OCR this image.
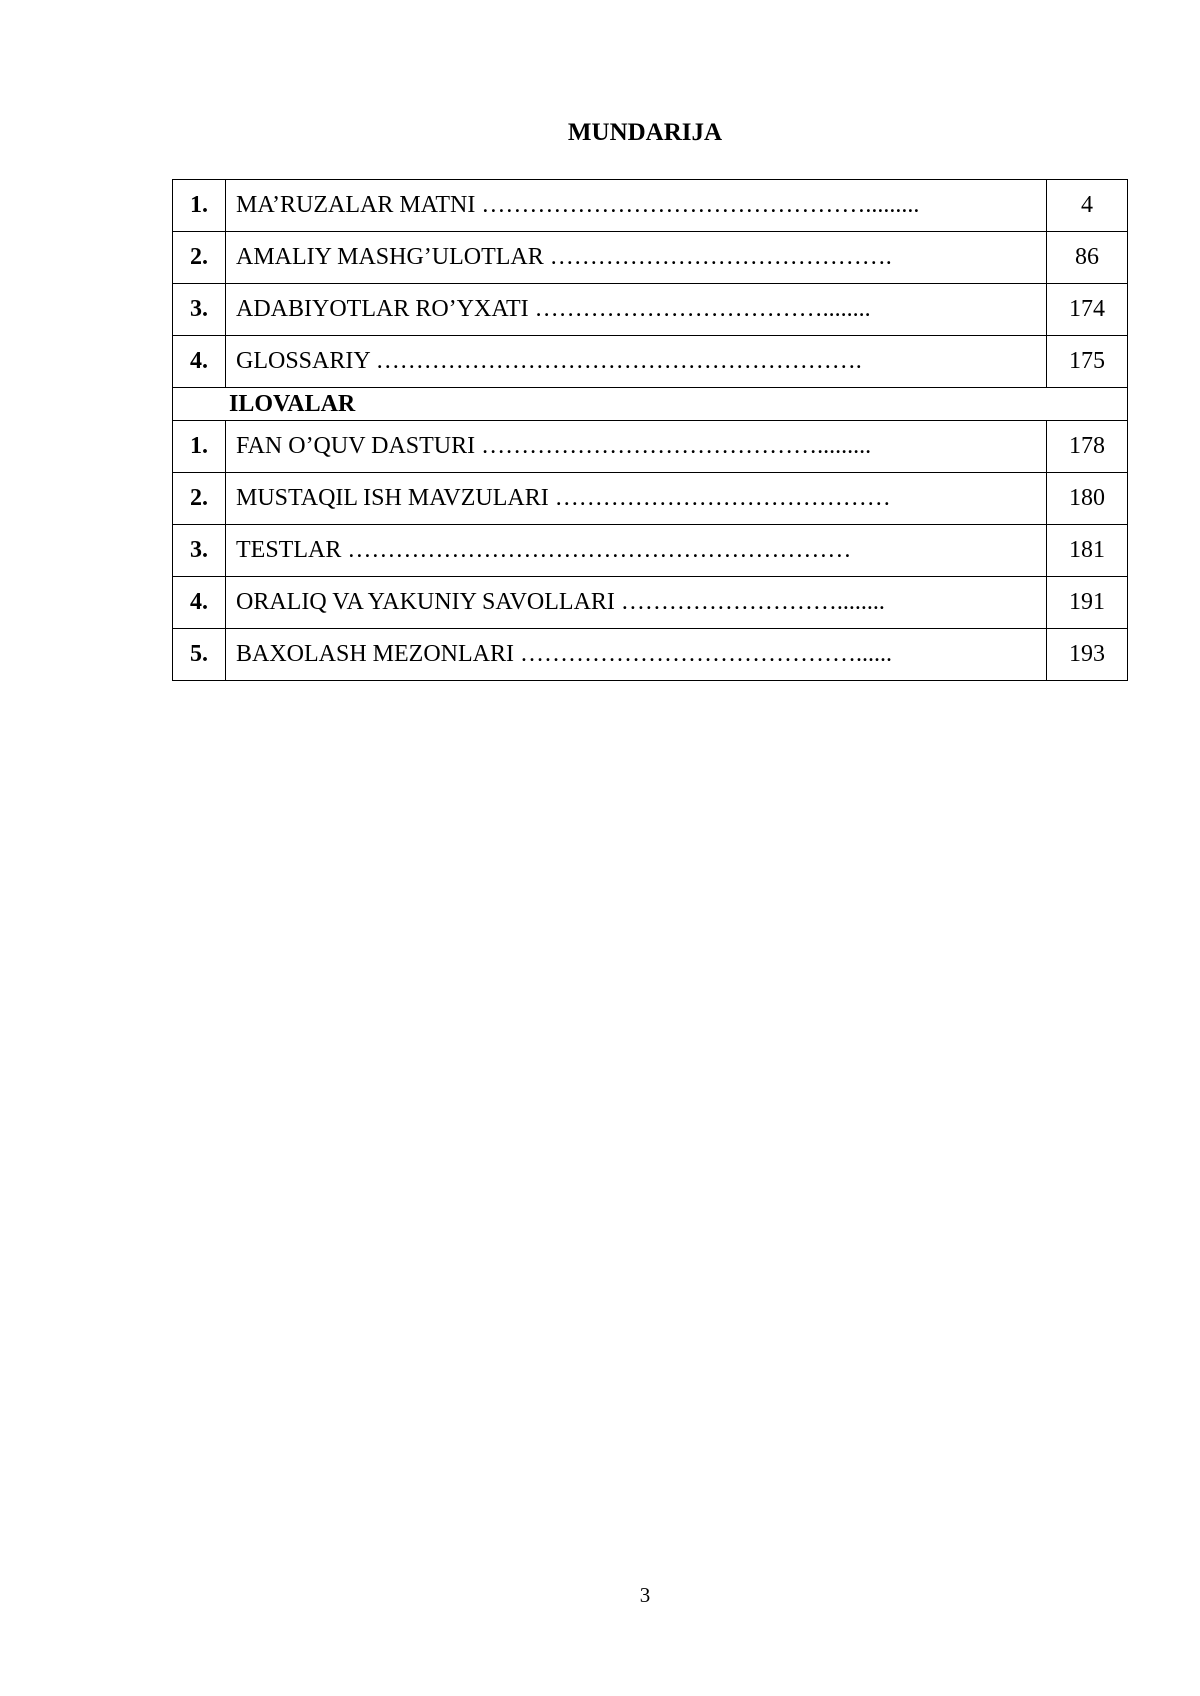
MUNDARIJA
1.	MA’RUZALAR MATNI ………………………………………….........	4
2.	AMALIY MASHG’ULOTLAR …………………………………….	86
3.	ADABIYOTLAR RO’YXATI ………………………………........	174
4.	GLOSSARIY …………………………………………………….	175
ILOVALAR		
1.	FAN O’QUV DASTURI …………………………………….........	178
2.	MUSTAQIL ISH MAVZULARI ……………………………………	180
3.	TESTLAR ………………………………………………………	181
4.	ORALIQ VA YAKUNIY SAVOLLARI ………………………........	191
5.	BAXOLASH MEZONLARI ……………………………………......	193
3
